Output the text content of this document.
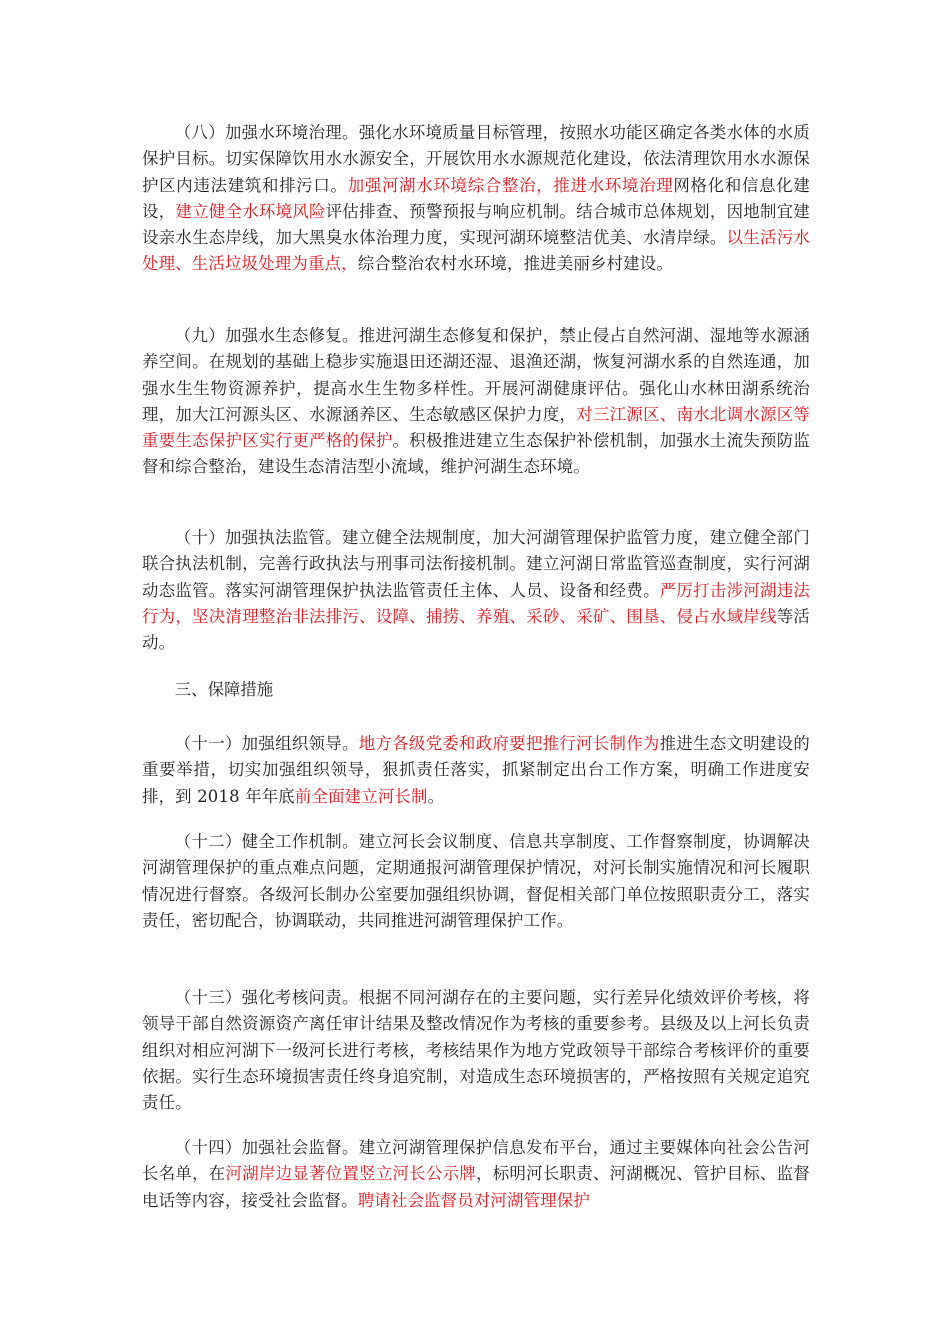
（八）加强水环境治理。强化水环境质量目标管理，按照水功能区确定各类水体的水质保护目标。切实保障饮用水水源安全，开展饮用水水源规范化建设，依法清理饮用水水源保护区内违法建筑和排污口。加强河湖水环境综合整治，推进水环境治理网格化和信息化建设，建立健全水环境风险评估排查、预警预报与响应机制。结合城市总体规划，因地制宜建设亲水生态岸线，加大黑臭水体治理力度，实现河湖环境整洁优美、水清岸绿。以生活污水处理、生活垃圾处理为重点，综合整治农村水环境，推进美丽乡村建设。

（九）加强水生态修复。推进河湖生态修复和保护，禁止侵占自然河湖、湿地等水源涵养空间。在规划的基础上稳步实施退田还湖还湿、退渔还湖，恢复河湖水系的自然连通，加强水生生物资源养护，提高水生生物多样性。开展河湖健康评估。强化山水林田湖系统治理，加大江河源头区、水源涵养区、生态敏感区保护力度，对三江源区、南水北调水源区等重要生态保护区实行更严格的保护。积极推进建立生态保护补偿机制，加强水土流失预防监督和综合整治，建设生态清洁型小流域，维护河湖生态环境。

（十）加强执法监管。建立健全法规制度，加大河湖管理保护监管力度，建立健全部门联合执法机制，完善行政执法与刑事司法衔接机制。建立河湖日常监管巡查制度，实行河湖动态监管。落实河湖管理保护执法监管责任主体、人员、设备和经费。严厉打击涉河湖违法行为，坚决清理整治非法排污、设障、捕捞、养殖、采砂、采矿、围垦、侵占水域岸线等活动。

三、保障措施

（十一）加强组织领导。地方各级党委和政府要把推行河长制作为推进生态文明建设的重要举措，切实加强组织领导，狠抓责任落实，抓紧制定出台工作方案，明确工作进度安排，到 2018 年年底前全面建立河长制。

（十二）健全工作机制。建立河长会议制度、信息共享制度、工作督察制度，协调解决河湖管理保护的重点难点问题，定期通报河湖管理保护情况，对河长制实施情况和河长履职情况进行督察。各级河长制办公室要加强组织协调，督促相关部门单位按照职责分工，落实责任，密切配合，协调联动，共同推进河湖管理保护工作。

（十三）强化考核问责。根据不同河湖存在的主要问题，实行差异化绩效评价考核，将领导干部自然资源资产离任审计结果及整改情况作为考核的重要参考。县级及以上河长负责组织对相应河湖下一级河长进行考核，考核结果作为地方党政领导干部综合考核评价的重要依据。实行生态环境损害责任终身追究制，对造成生态环境损害的，严格按照有关规定追究责任。

（十四）加强社会监督。建立河湖管理保护信息发布平台，通过主要媒体向社会公告河长名单，在河湖岸边显著位置竖立河长公示牌，标明河长职责、河湖概况、管护目标、监督电话等内容，接受社会监督。聘请社会监督员对河湖管理保护
